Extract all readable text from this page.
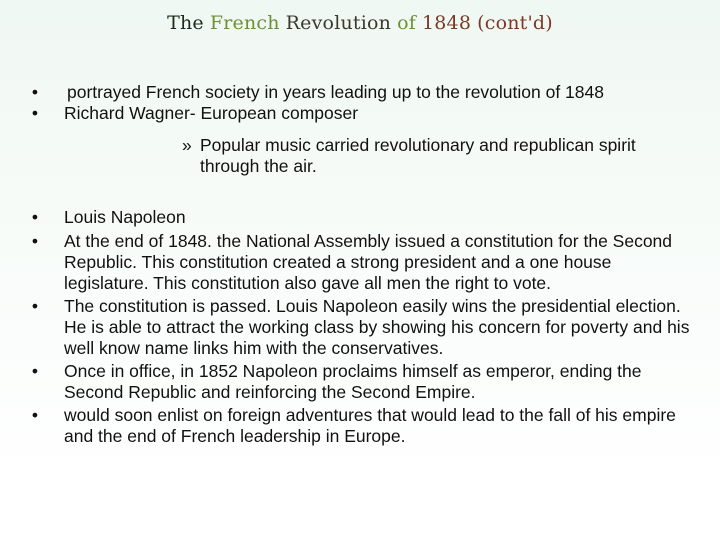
The French Revolution of 1848 (cont'd)
• portrayed French society in years leading up to the revolution of 1848
• Richard Wagner- European composer
» Popular music carried revolutionary and republican spirit through the air.
• Louis Napoleon
• At the end of 1848. the National Assembly issued a constitution for the Second Republic. This constitution created a strong president and a one house legislature. This constitution also gave all men the right to vote.
• The constitution is passed. Louis Napoleon easily wins the presidential election. He is able to attract the working class by showing his concern for poverty and his well know name links him with the conservatives.
• Once in office, in 1852 Napoleon proclaims himself as emperor, ending the Second Republic and reinforcing the Second Empire.
• would soon enlist on foreign adventures that would lead to the fall of his empire and the end of French leadership in Europe.
